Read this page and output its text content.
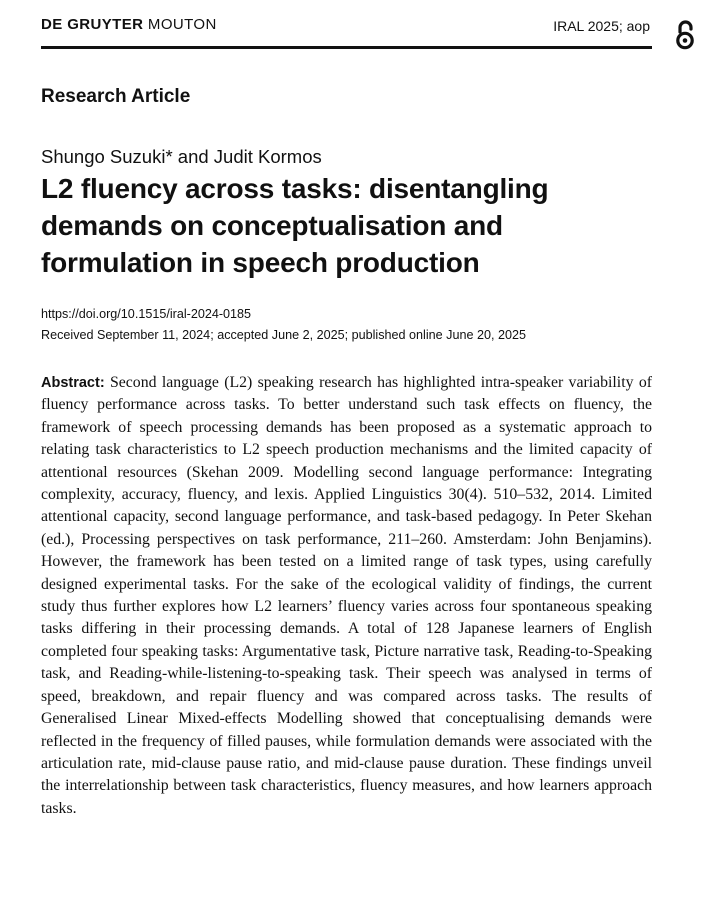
DE GRUYTER MOUTON	IRAL 2025; aop
Research Article
Shungo Suzuki* and Judit Kormos
L2 fluency across tasks: disentangling
demands on conceptualisation and
formulation in speech production
https://doi.org/10.1515/iral-2024-0185
Received September 11, 2024; accepted June 2, 2025; published online June 20, 2025

Abstract: Second language (L2) speaking research has highlighted intra-speaker variability of fluency performance across tasks. To better understand such task effects on fluency, the framework of speech processing demands has been proposed as a systematic approach to relating task characteristics to L2 speech production mechanisms and the limited capacity of attentional resources (Skehan 2009. Modelling second language performance: Integrating complexity, accuracy, fluency, and lexis. Applied Linguistics 30(4). 510–532, 2014. Limited attentional capacity, second language performance, and task-based pedagogy. In Peter Skehan (ed.), Processing perspectives on task performance, 211–260. Amsterdam: John Benjamins). However, the framework has been tested on a limited range of task types, using carefully designed experimental tasks. For the sake of the ecological validity of findings, the current study thus further explores how L2 learners’ fluency varies across four spontaneous speaking tasks differing in their processing demands. A total of 128 Japanese learners of English completed four speaking tasks: Argumentative task, Picture narrative task, Reading-to-Speaking task, and Reading-while-listening-to-speaking task. Their speech was analysed in terms of speed, breakdown, and repair fluency and was compared across tasks. The results of Generalised Linear Mixed-effects Modelling showed that conceptualising demands were reflected in the frequency of filled pauses, while formulation demands were associated with the articulation rate, mid-clause pause ratio, and mid-clause pause duration. These findings unveil the interrelationship between task characteristics, fluency measures, and how learners approach tasks.
